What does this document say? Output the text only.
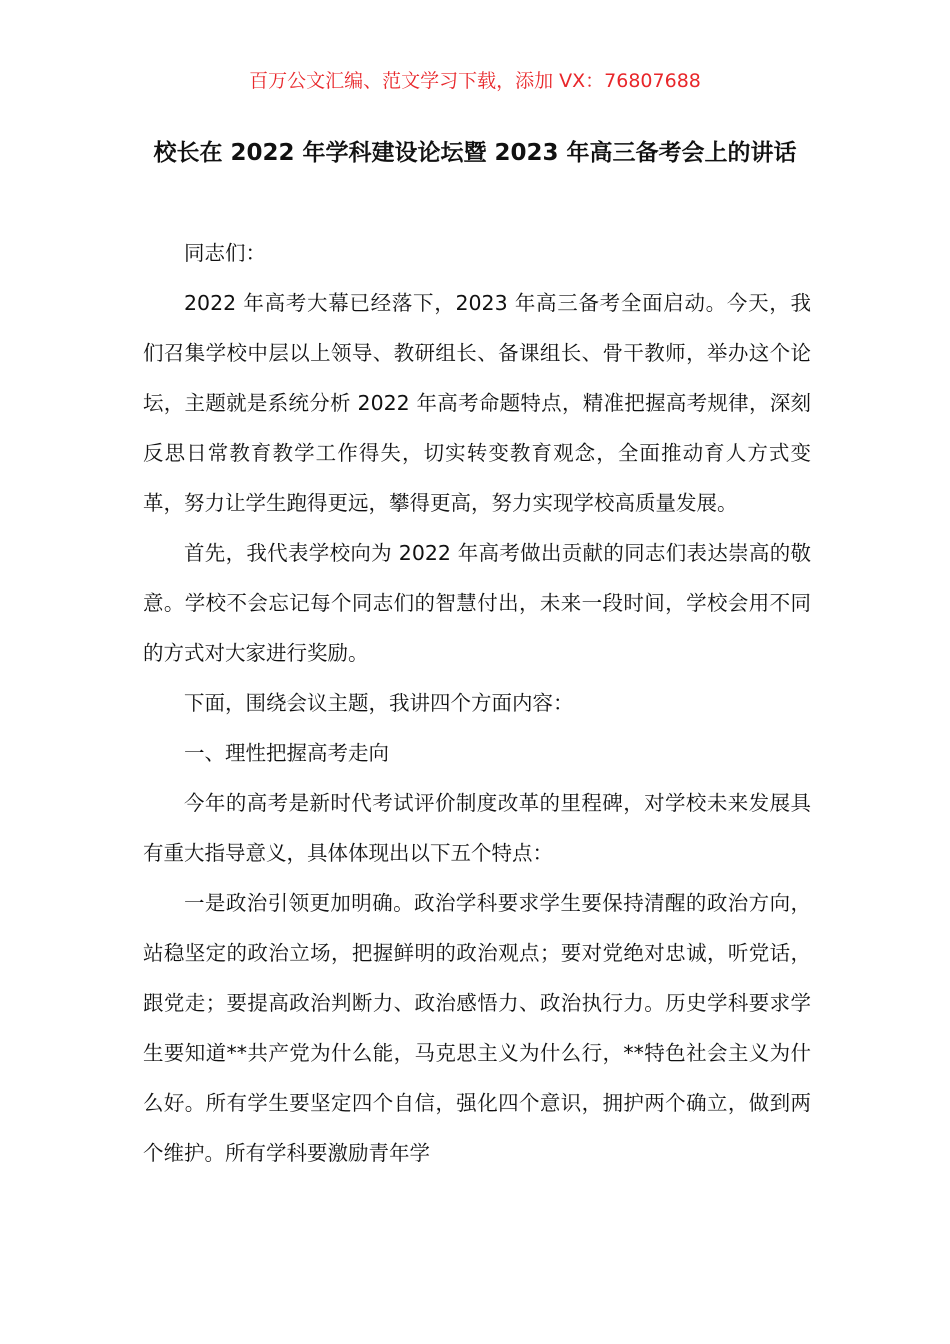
百万公文汇编、范文学习下载，添加 VX：76807688
校长在 2022 年学科建设论坛暨 2023 年高三备考会上的讲话

同志们：

2022 年高考大幕已经落下，2023 年高三备考全面启动。今天，我们召集学校中层以上领导、教研组长、备课组长、骨干教师，举办这个论坛，主题就是系统分析 2022 年高考命题特点，精准把握高考规律，深刻反思日常教育教学工作得失，切实转变教育观念，全面推动育人方式变革，努力让学生跑得更远，攀得更高，努力实现学校高质量发展。

首先，我代表学校向为 2022 年高考做出贡献的同志们表达崇高的敬意。学校不会忘记每个同志们的智慧付出，未来一段时间，学校会用不同的方式对大家进行奖励。

下面，围绕会议主题，我讲四个方面内容：

一、理性把握高考走向

今年的高考是新时代考试评价制度改革的里程碑，对学校未来发展具有重大指导意义，具体体现出以下五个特点：

一是政治引领更加明确。政治学科要求学生要保持清醒的政治方向，站稳坚定的政治立场，把握鲜明的政治观点；要对党绝对忠诚，听党话，跟党走；要提高政治判断力、政治感悟力、政治执行力。历史学科要求学生要知道**共产党为什么能，马克思主义为什么行，**特色社会主义为什么好。所有学生要坚定四个自信，强化四个意识，拥护两个确立，做到两个维护。所有学科要激励青年学
